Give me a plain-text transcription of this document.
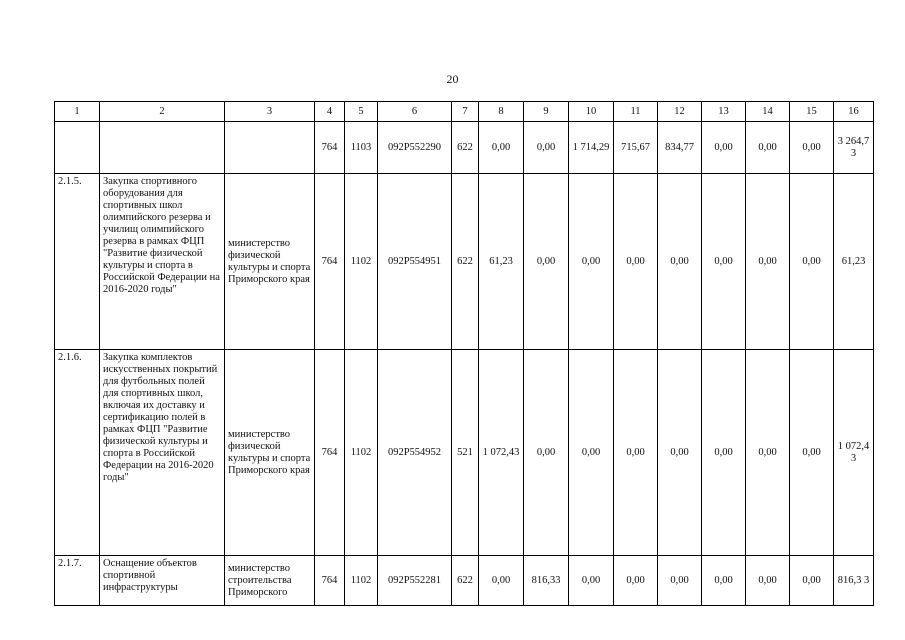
20
1	2	3	4	5	6	7	8	9	10	11	12	13	14	15	16
			764	1103	092P552290	622	0,00	0,00	1 714,29	715,67	834,77	0,00	0,00	0,00	3 264,7 3
2.1.5.	Закупка спортивного оборудования для спортивных школ олимпийского резерва и училищ олимпийского резерва в рамках ФЦП "Развитие физической культуры и спорта в Российской Федерации на 2016-2020 годы"	министерство физической культуры и спорта Приморского края	764	1102	092P554951	622	61,23	0,00	0,00	0,00	0,00	0,00	0,00	0,00	61,23
2.1.6.	Закупка комплектов искусственных покрытий для футбольных полей для спортивных школ, включая их доставку и сертификацию полей в рамках ФЦП "Развитие физической культуры и спорта в Российской Федерации на 2016-2020 годы"	министерство физической культуры и спорта Приморского края	764	1102	092P554952	521	1 072,43	0,00	0,00	0,00	0,00	0,00	0,00	0,00	1 072,4 3
2.1.7.	Оснащение объектов спортивной инфраструктуры	министерство строительства Приморского	764	1102	092P552281	622	0,00	816,33	0,00	0,00	0,00	0,00	0,00	0,00	816,3 3
